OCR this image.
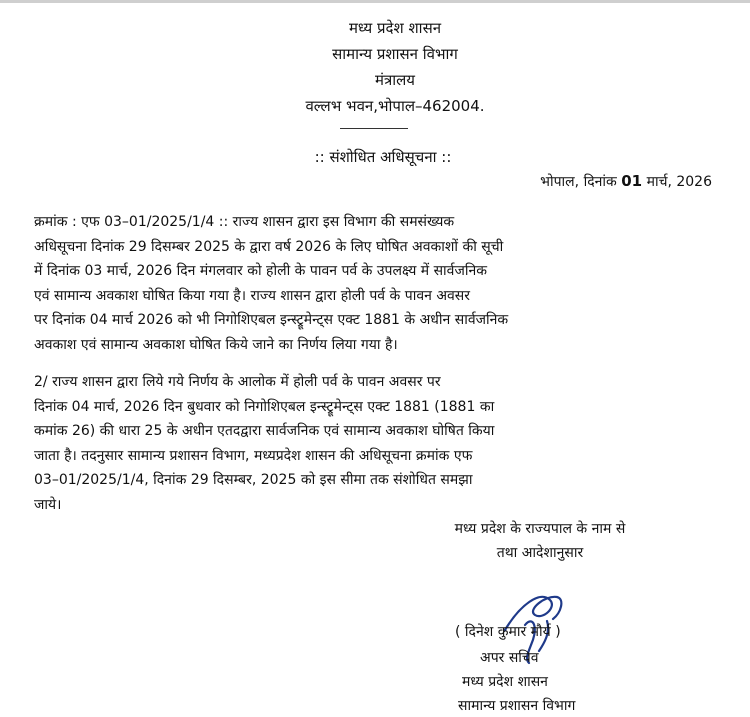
मध्य प्रदेश शासन
सामान्य प्रशासन विभाग
मंत्रालय
वल्लभ भवन,भोपाल–462004.
:: संशोधित अधिसूचना ::
भोपाल, दिनांक 01 मार्च, 2026
क्रमांक : एफ 03–01/2025/1/4 :: राज्य शासन द्वारा इस विभाग की समसंख्यक
अधिसूचना दिनांक 29 दिसम्बर 2025 के द्वारा वर्ष 2026 के लिए घोषित अवकाशों की सूची
में दिनांक 03 मार्च, 2026 दिन मंगलवार को होली के पावन पर्व के उपलक्ष्य में सार्वजनिक
एवं सामान्य अवकाश घोषित किया गया है। राज्य शासन द्वारा होली पर्व के पावन अवसर
पर दिनांक 04 मार्च 2026 को भी निगोशिएबल इन्स्ट्रूमेन्ट्स एक्ट 1881 के अधीन सार्वजनिक
अवकाश एवं सामान्य अवकाश घोषित किये जाने का निर्णय लिया गया है।
2/ राज्य शासन द्वारा लिये गये निर्णय के आलोक में होली पर्व के पावन अवसर पर
दिनांक 04 मार्च, 2026 दिन बुधवार को निगोशिएबल इन्स्ट्रूमेन्ट्स एक्ट 1881 (1881 का
कमांक 26) की धारा 25 के अधीन एतदद्वारा सार्वजनिक एवं सामान्य अवकाश घोषित किया
जाता है। तदनुसार सामान्य प्रशासन विभाग, मध्यप्रदेश शासन की अधिसूचना क्रमांक एफ
03–01/2025/1/4, दिनांक 29 दिसम्बर, 2025 को इस सीमा तक संशोधित समझा
जाये।
मध्य प्रदेश के राज्यपाल के नाम से
तथा आदेशानुसार
( दिनेश कुमार मौर्य )
अपर सचिव
मध्य प्रदेश शासन
सामान्य प्रशासन विभाग
